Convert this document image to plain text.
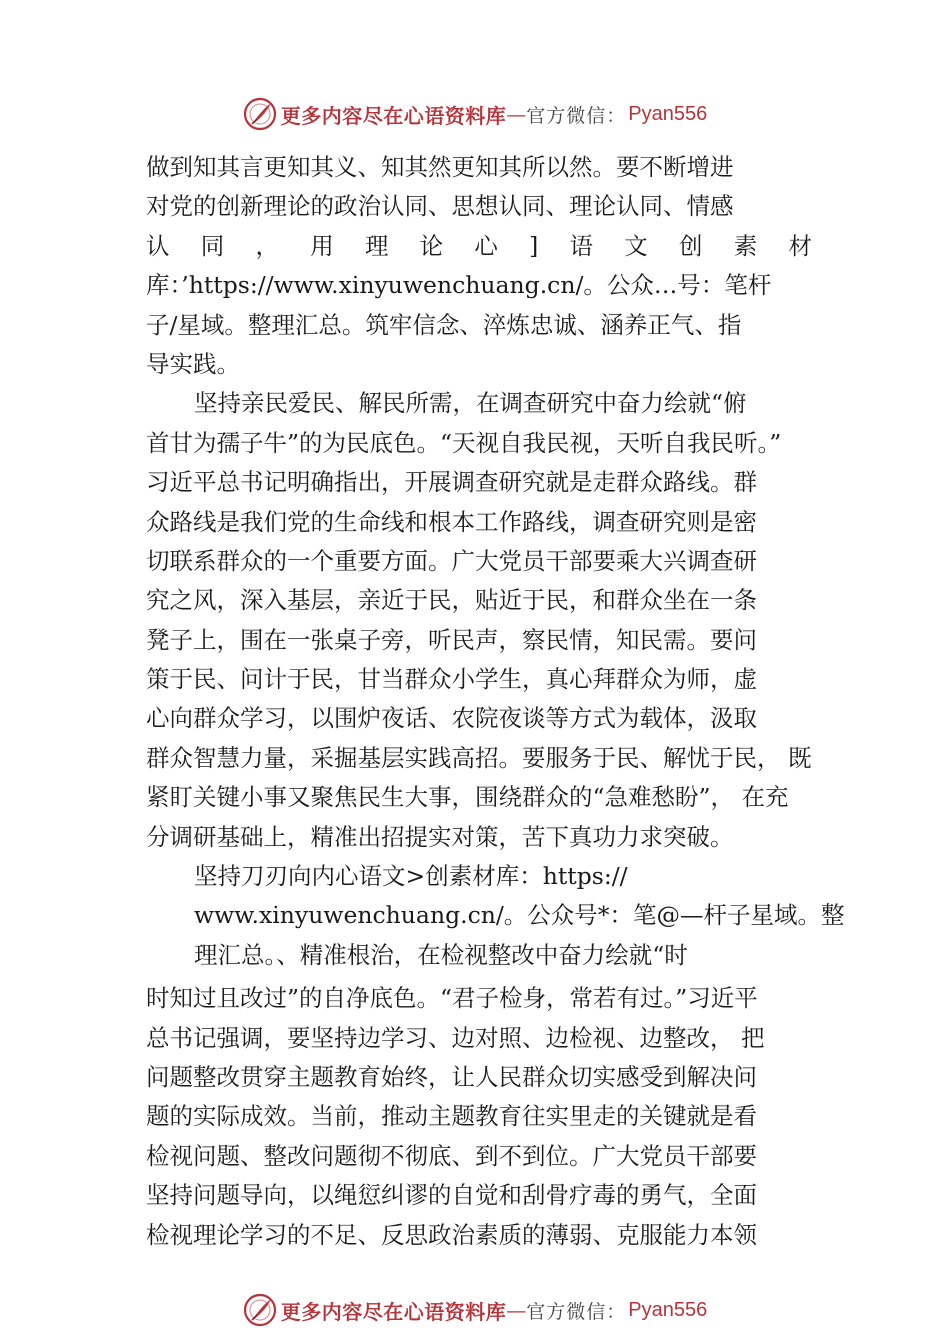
更多内容尽在心语资料库 — 官方微信： Pyan556
做到知其言更知其义、知其然更知其所以然。要不断增进
对党的创新理论的政治认同、思想认同、理论认同、情感
认 同 ， 用 理 论 心 ] 语 文 创 素 材
库：’https://www.xinyuwenchuang.cn/。公众…号：笔杆
子/星域。整理汇总。筑牢信念、淬炼忠诚、涵养正气、指
导实践。
坚持亲民爱民、解民所需，在调查研究中奋力绘就“俯
首甘为孺子牛”的为民底色。“天视自我民视，天听自我民听。”
习近平总书记明确指出，开展调查研究就是走群众路线。群
众路线是我们党的生命线和根本工作路线，调查研究则是密
切联系群众的一个重要方面。广大党员干部要乘大兴调查研
究之风，深入基层，亲近于民，贴近于民，和群众坐在一条
凳子上，围在一张桌子旁，听民声，察民情，知民需。要问
策于民、问计于民，甘当群众小学生，真心拜群众为师，虚
心向群众学习，以围炉夜话、农院夜谈等方式为载体，汲取
群众智慧力量，采掘基层实践高招。要服务于民、解忧于民， 既
紧盯关键小事又聚焦民生大事，围绕群众的“急难愁盼”， 在充
分调研基础上，精准出招提实对策，苦下真功力求突破。
坚持刀刃向内心语文>创素材库：https://
www.xinyuwenchuang.cn/。公众号*：笔@—杆子星域。整
理汇总。、精准根治，在检视整改中奋力绘就“时
时知过且改过”的自净底色。“君子检身，常若有过。”习近平
总书记强调，要坚持边学习、边对照、边检视、边整改， 把
问题整改贯穿主题教育始终，让人民群众切实感受到解决问
题的实际成效。当前，推动主题教育往实里走的关键就是看
检视问题、整改问题彻不彻底、到不到位。广大党员干部要
坚持问题导向，以绳愆纠谬的自觉和刮骨疗毒的勇气，全面
检视理论学习的不足、反思政治素质的薄弱、克服能力本领
更多内容尽在心语资料库 — 官方微信： Pyan556
